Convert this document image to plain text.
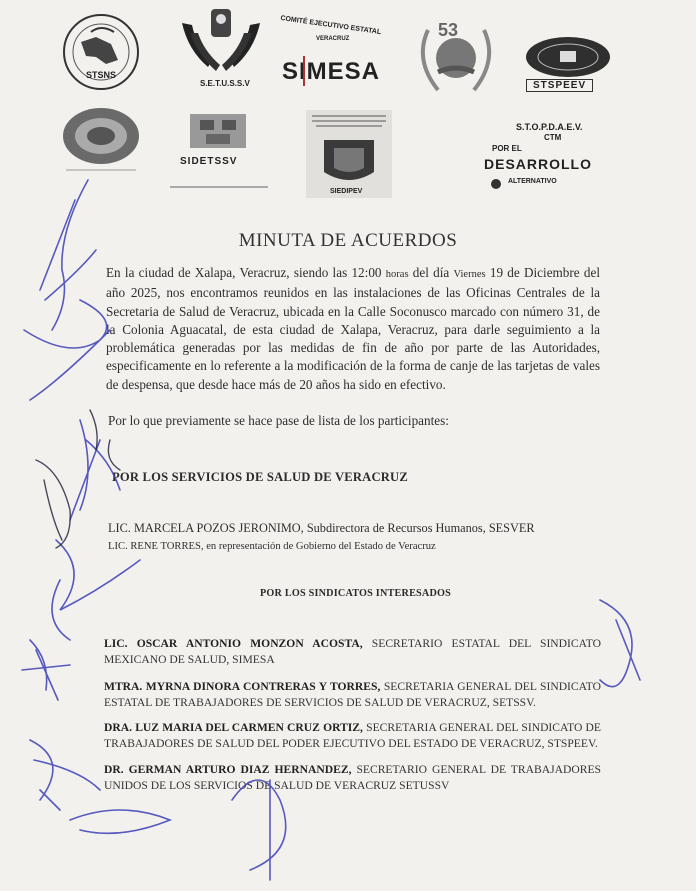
STSNS
S.E.T.U.S.S.V
COMITÉ EJECUTIVO ESTATAL
VERACRUZ
SIMESA
53
STSPEEV
SIDETSSV
SIEDIPEV
S.T.O.P.D.A.E.V.
CTM
POR EL
DESARROLLO
ALTERNATIVO
MINUTA DE ACUERDOS
En la ciudad de Xalapa, Veracruz, siendo las 12:00 horas del día Viernes 19 de Diciembre del año 2025, nos encontramos reunidos en las instalaciones de las Oficinas Centrales de la Secretaria de Salud de Veracruz, ubicada en la Calle Soconusco marcado con número 31, de la Colonia Aguacatal, de esta ciudad de Xalapa, Veracruz, para darle seguimiento a la problemática generadas por las medidas de fin de año por parte de las Autoridades, especificamente en lo referente a la modificación de la forma de canje de las tarjetas de vales de despensa, que desde hace más de 20 años ha sido en efectivo.
Por lo que previamente se hace pase de lista de los participantes:
POR LOS SERVICIOS DE SALUD DE VERACRUZ
LIC. MARCELA POZOS JERONIMO, Subdirectora de Recursos Humanos, SESVER
LIC. RENE TORRES, en representación de Gobierno del Estado de Veracruz
POR LOS SINDICATOS INTERESADOS
LIC. OSCAR ANTONIO MONZON ACOSTA, SECRETARIO ESTATAL DEL SINDICATO MEXICANO DE SALUD, SIMESA
MTRA. MYRNA DINORA CONTRERAS Y TORRES, SECRETARIA GENERAL DEL SINDICATO ESTATAL DE TRABAJADORES DE SERVICIOS DE SALUD DE VERACRUZ, SETSSV.
DRA. LUZ MARIA DEL CARMEN CRUZ ORTIZ, SECRETARIA GENERAL DEL SINDICATO DE TRABAJADORES DE SALUD DEL PODER EJECUTIVO DEL ESTADO DE VERACRUZ, STSPEEV.
DR. GERMAN ARTURO DIAZ HERNANDEZ, SECRETARIO GENERAL DE TRABAJADORES UNIDOS DE LOS SERVICIOS DE SALUD DE VERACRUZ SETUSSV
